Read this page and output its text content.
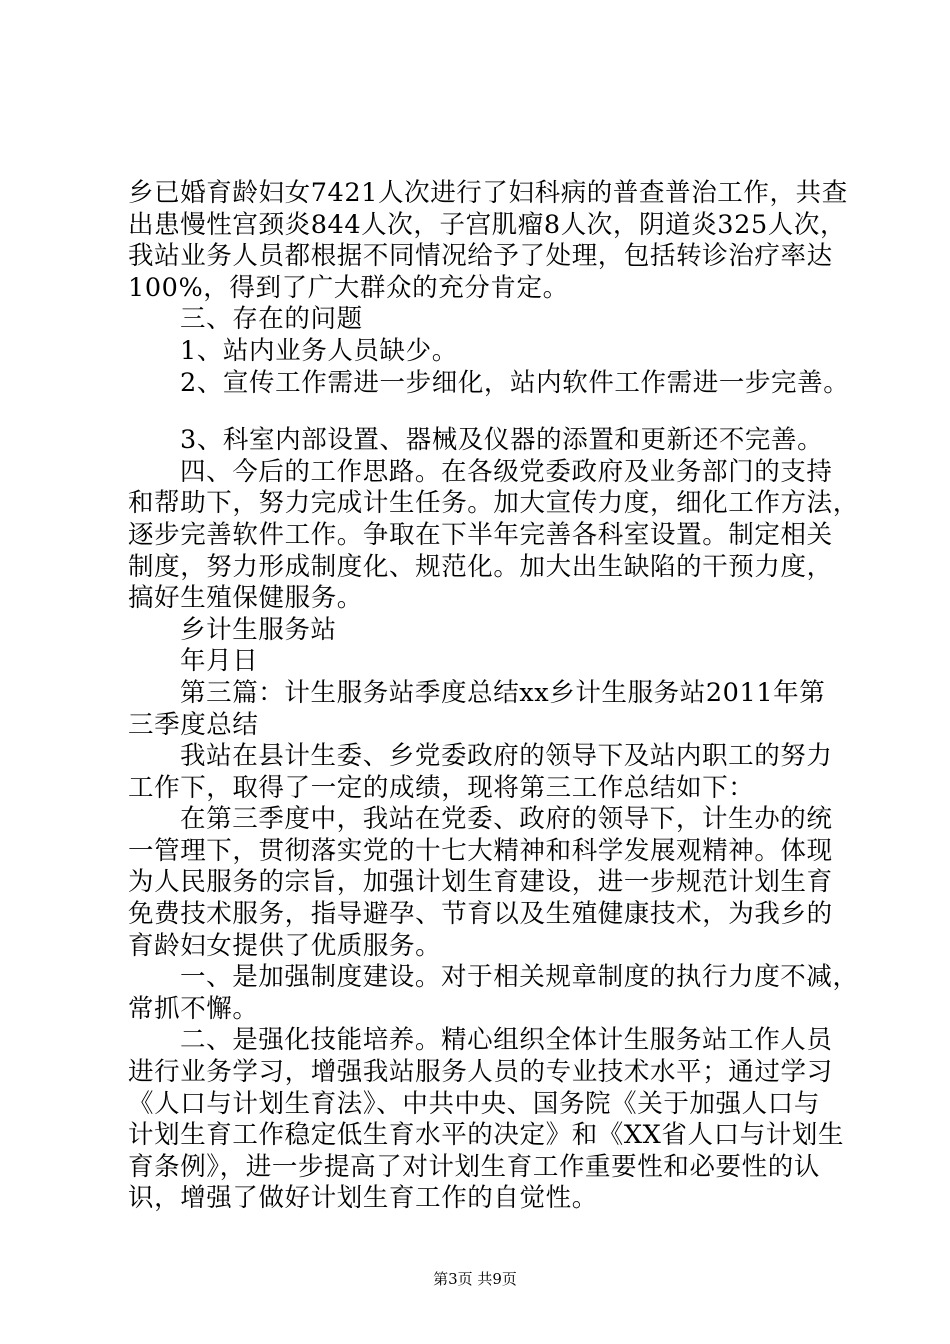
乡已婚育龄妇女7421人次进行了妇科病的普查普治工作，共查
出患慢性宫颈炎844人次，子宫肌瘤8人次，阴道炎325人次，
我站业务人员都根据不同情况给予了处理，包括转诊治疗率达
100%，得到了广大群众的充分肯定。
三、存在的问题
1、站内业务人员缺少。
2、宣传工作需进一步细化，站内软件工作需进一步完善。
3、科室内部设置、器械及仪器的添置和更新还不完善。
四、今后的工作思路。在各级党委政府及业务部门的支持
和帮助下，努力完成计生任务。加大宣传力度，细化工作方法，
逐步完善软件工作。争取在下半年完善各科室设置。制定相关
制度，努力形成制度化、规范化。加大出生缺陷的干预力度，
搞好生殖保健服务。
乡计生服务站
年月日
第三篇：计生服务站季度总结xx乡计生服务站2011年第
三季度总结
我站在县计生委、乡党委政府的领导下及站内职工的努力
工作下，取得了一定的成绩，现将第三工作总结如下：
在第三季度中，我站在党委、政府的领导下，计生办的统
一管理下，贯彻落实党的十七大精神和科学发展观精神。体现
为人民服务的宗旨，加强计划生育建设，进一步规范计划生育
免费技术服务，指导避孕、节育以及生殖健康技术，为我乡的
育龄妇女提供了优质服务。
一、是加强制度建设。对于相关规章制度的执行力度不减，
常抓不懈。
二、是强化技能培养。精心组织全体计生服务站工作人员
进行业务学习，增强我站服务人员的专业技术水平；通过学习
《人口与计划生育法》、中共中央、国务院《关于加强人口与
计划生育工作稳定低生育水平的决定》和《XX省人口与计划生
育条例》，进一步提高了对计划生育工作重要性和必要性的认
识，增强了做好计划生育工作的自觉性。
第3页 共9页
